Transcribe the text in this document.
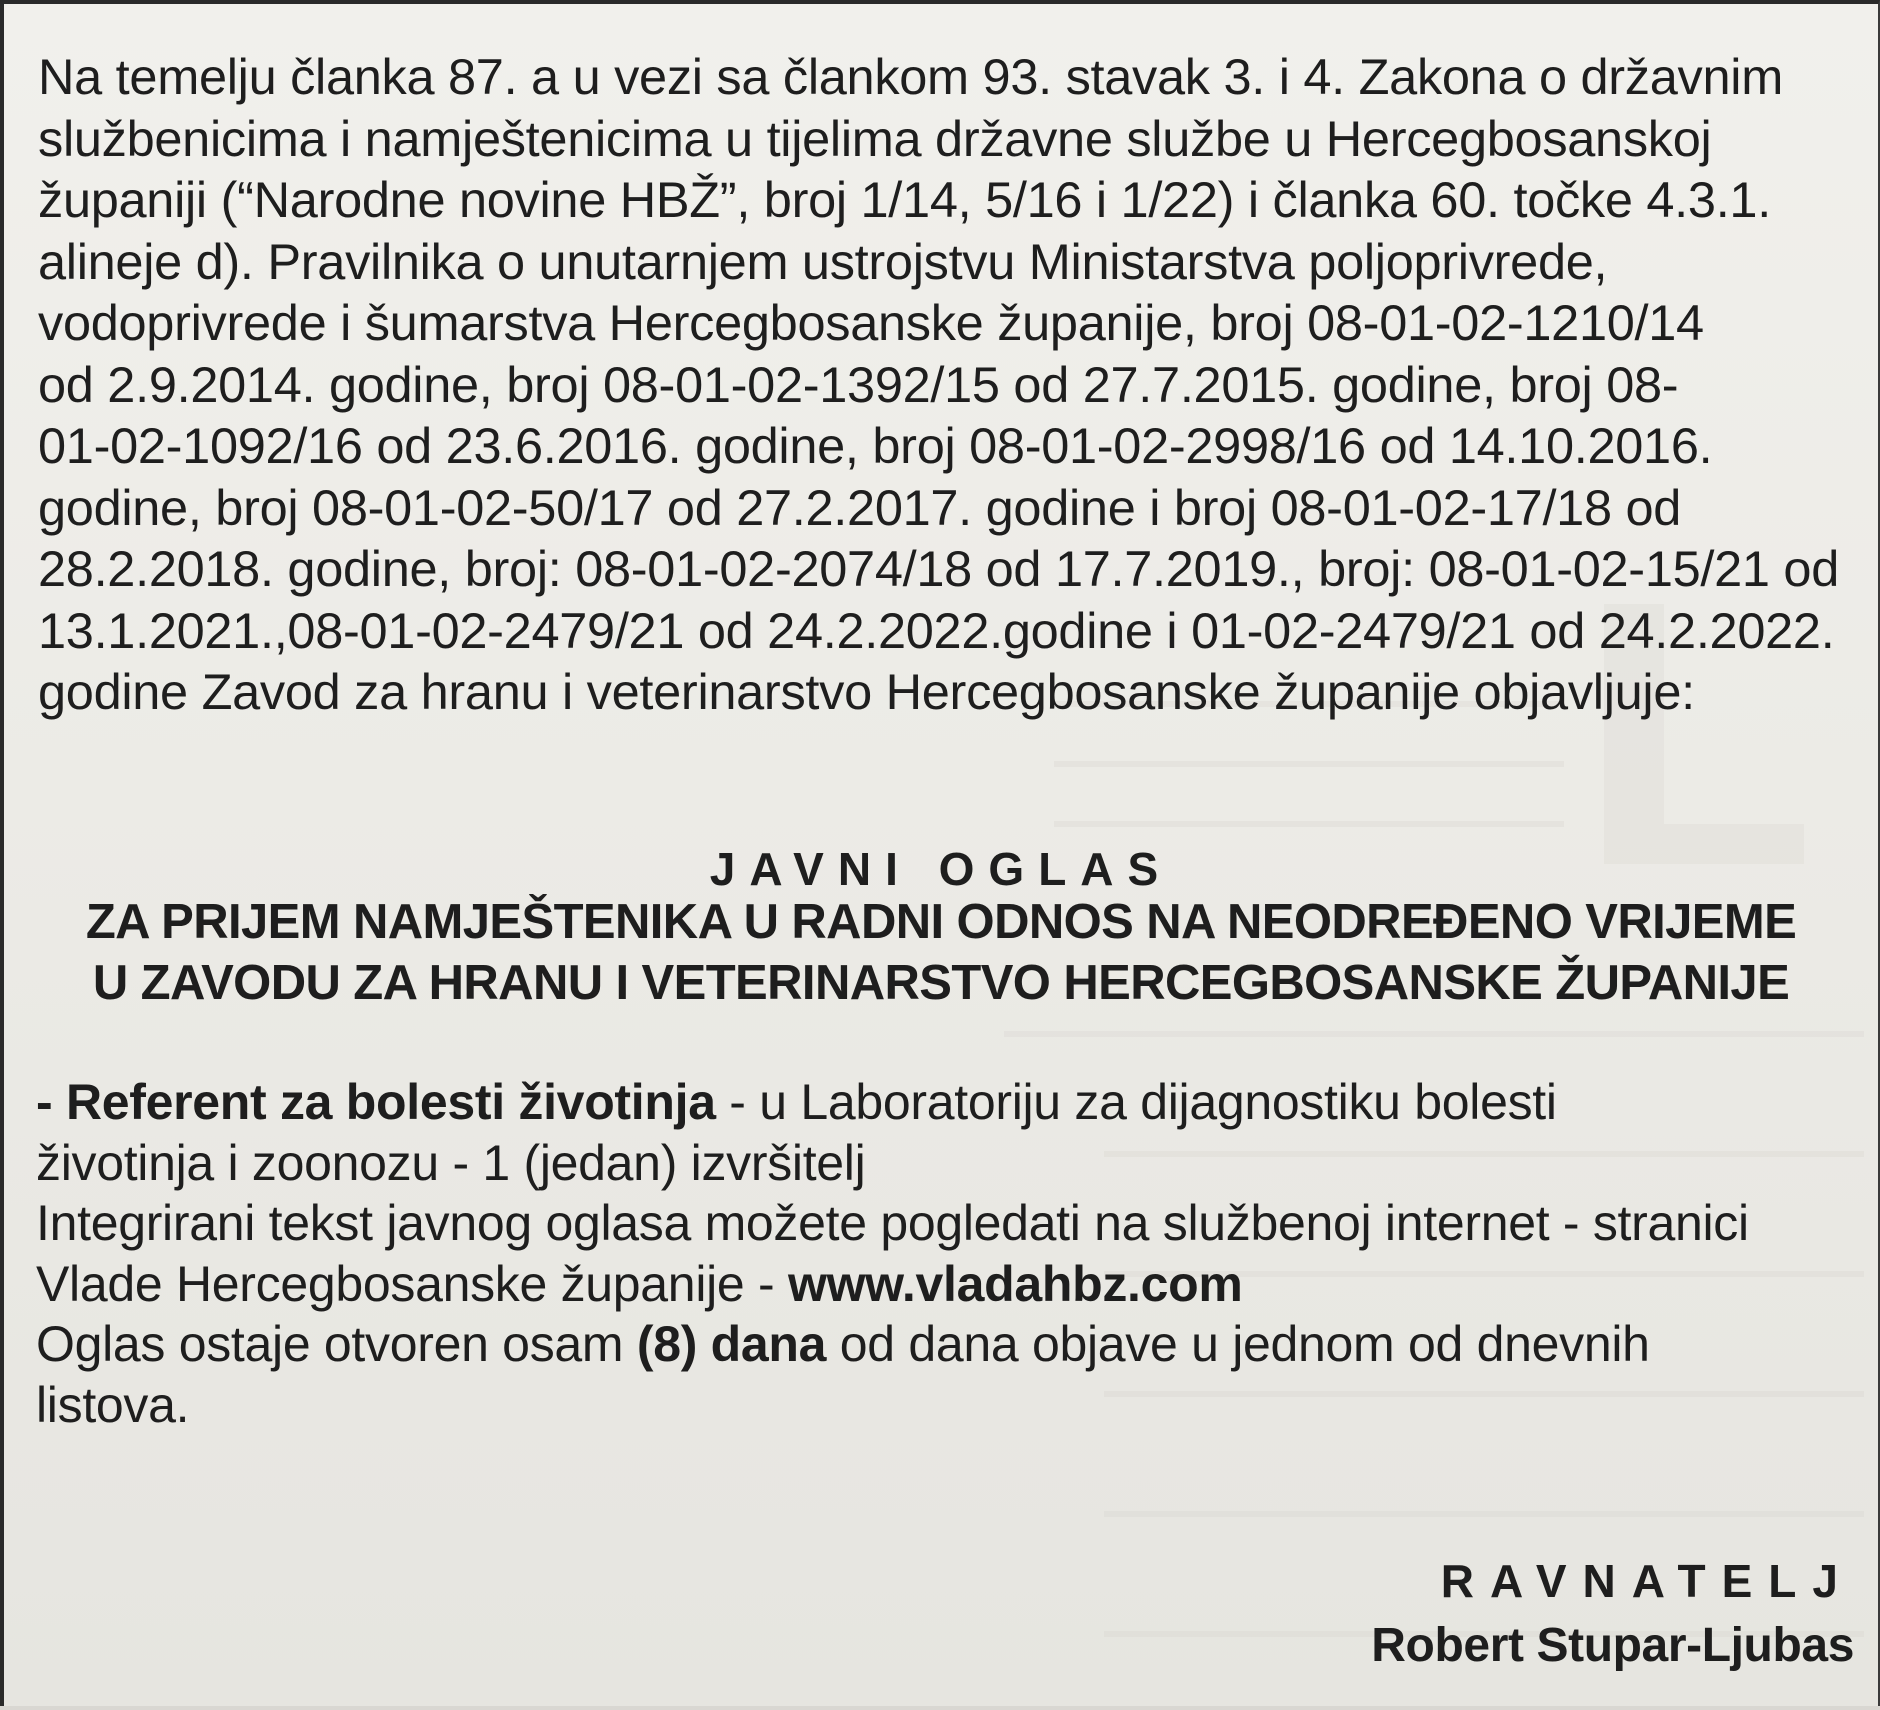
Na temelju članka 87. a u vezi sa člankom 93. stavak 3. i 4. Zakona o državnim
službenicima i namještenicima u tijelima državne službe u Hercegbosanskoj
županiji (“Narodne novine HBŽ”, broj 1/14, 5/16 i 1/22) i članka 60. točke 4.3.1.
alineje d). Pravilnika o unutarnjem ustrojstvu Ministarstva poljoprivrede,
vodoprivrede i šumarstva Hercegbosanske županije, broj 08-01-02-1210/14
od 2.9.2014. godine, broj 08-01-02-1392/15 od 27.7.2015. godine, broj 08-
01-02-1092/16 od 23.6.2016. godine, broj 08-01-02-2998/16 od 14.10.2016.
godine, broj 08-01-02-50/17 od 27.2.2017. godine i broj 08-01-02-17/18 od
28.2.2018. godine, broj: 08-01-02-2074/18 od 17.7.2019., broj: 08-01-02-15/21 od
13.1.2021.,08-01-02-2479/21 od 24.2.2022.godine i 01-02-2479/21 od 24.2.2022.
godine Zavod za hranu i veterinarstvo Hercegbosanske županije objavljuje:

JAVNI OGLAS
ZA PRIJEM NAMJEŠTENIKA U RADNI ODNOS NA NEODREĐENO VRIJEME
U ZAVODU ZA HRANU I VETERINARSTVO HERCEGBOSANSKE ŽUPANIJE
- Referent za bolesti životinja - u Laboratoriju za dijagnostiku bolesti
životinja i zoonozu - 1 (jedan) izvršitelj
Integrirani tekst javnog oglasa možete pogledati na službenoj internet - stranici
Vlade Hercegbosanske županije - www.vladahbz.com
Oglas ostaje otvoren osam (8) dana od dana objave u jednom od dnevnih
listova.

RAVNATELJ

Robert Stupar-Ljubas
